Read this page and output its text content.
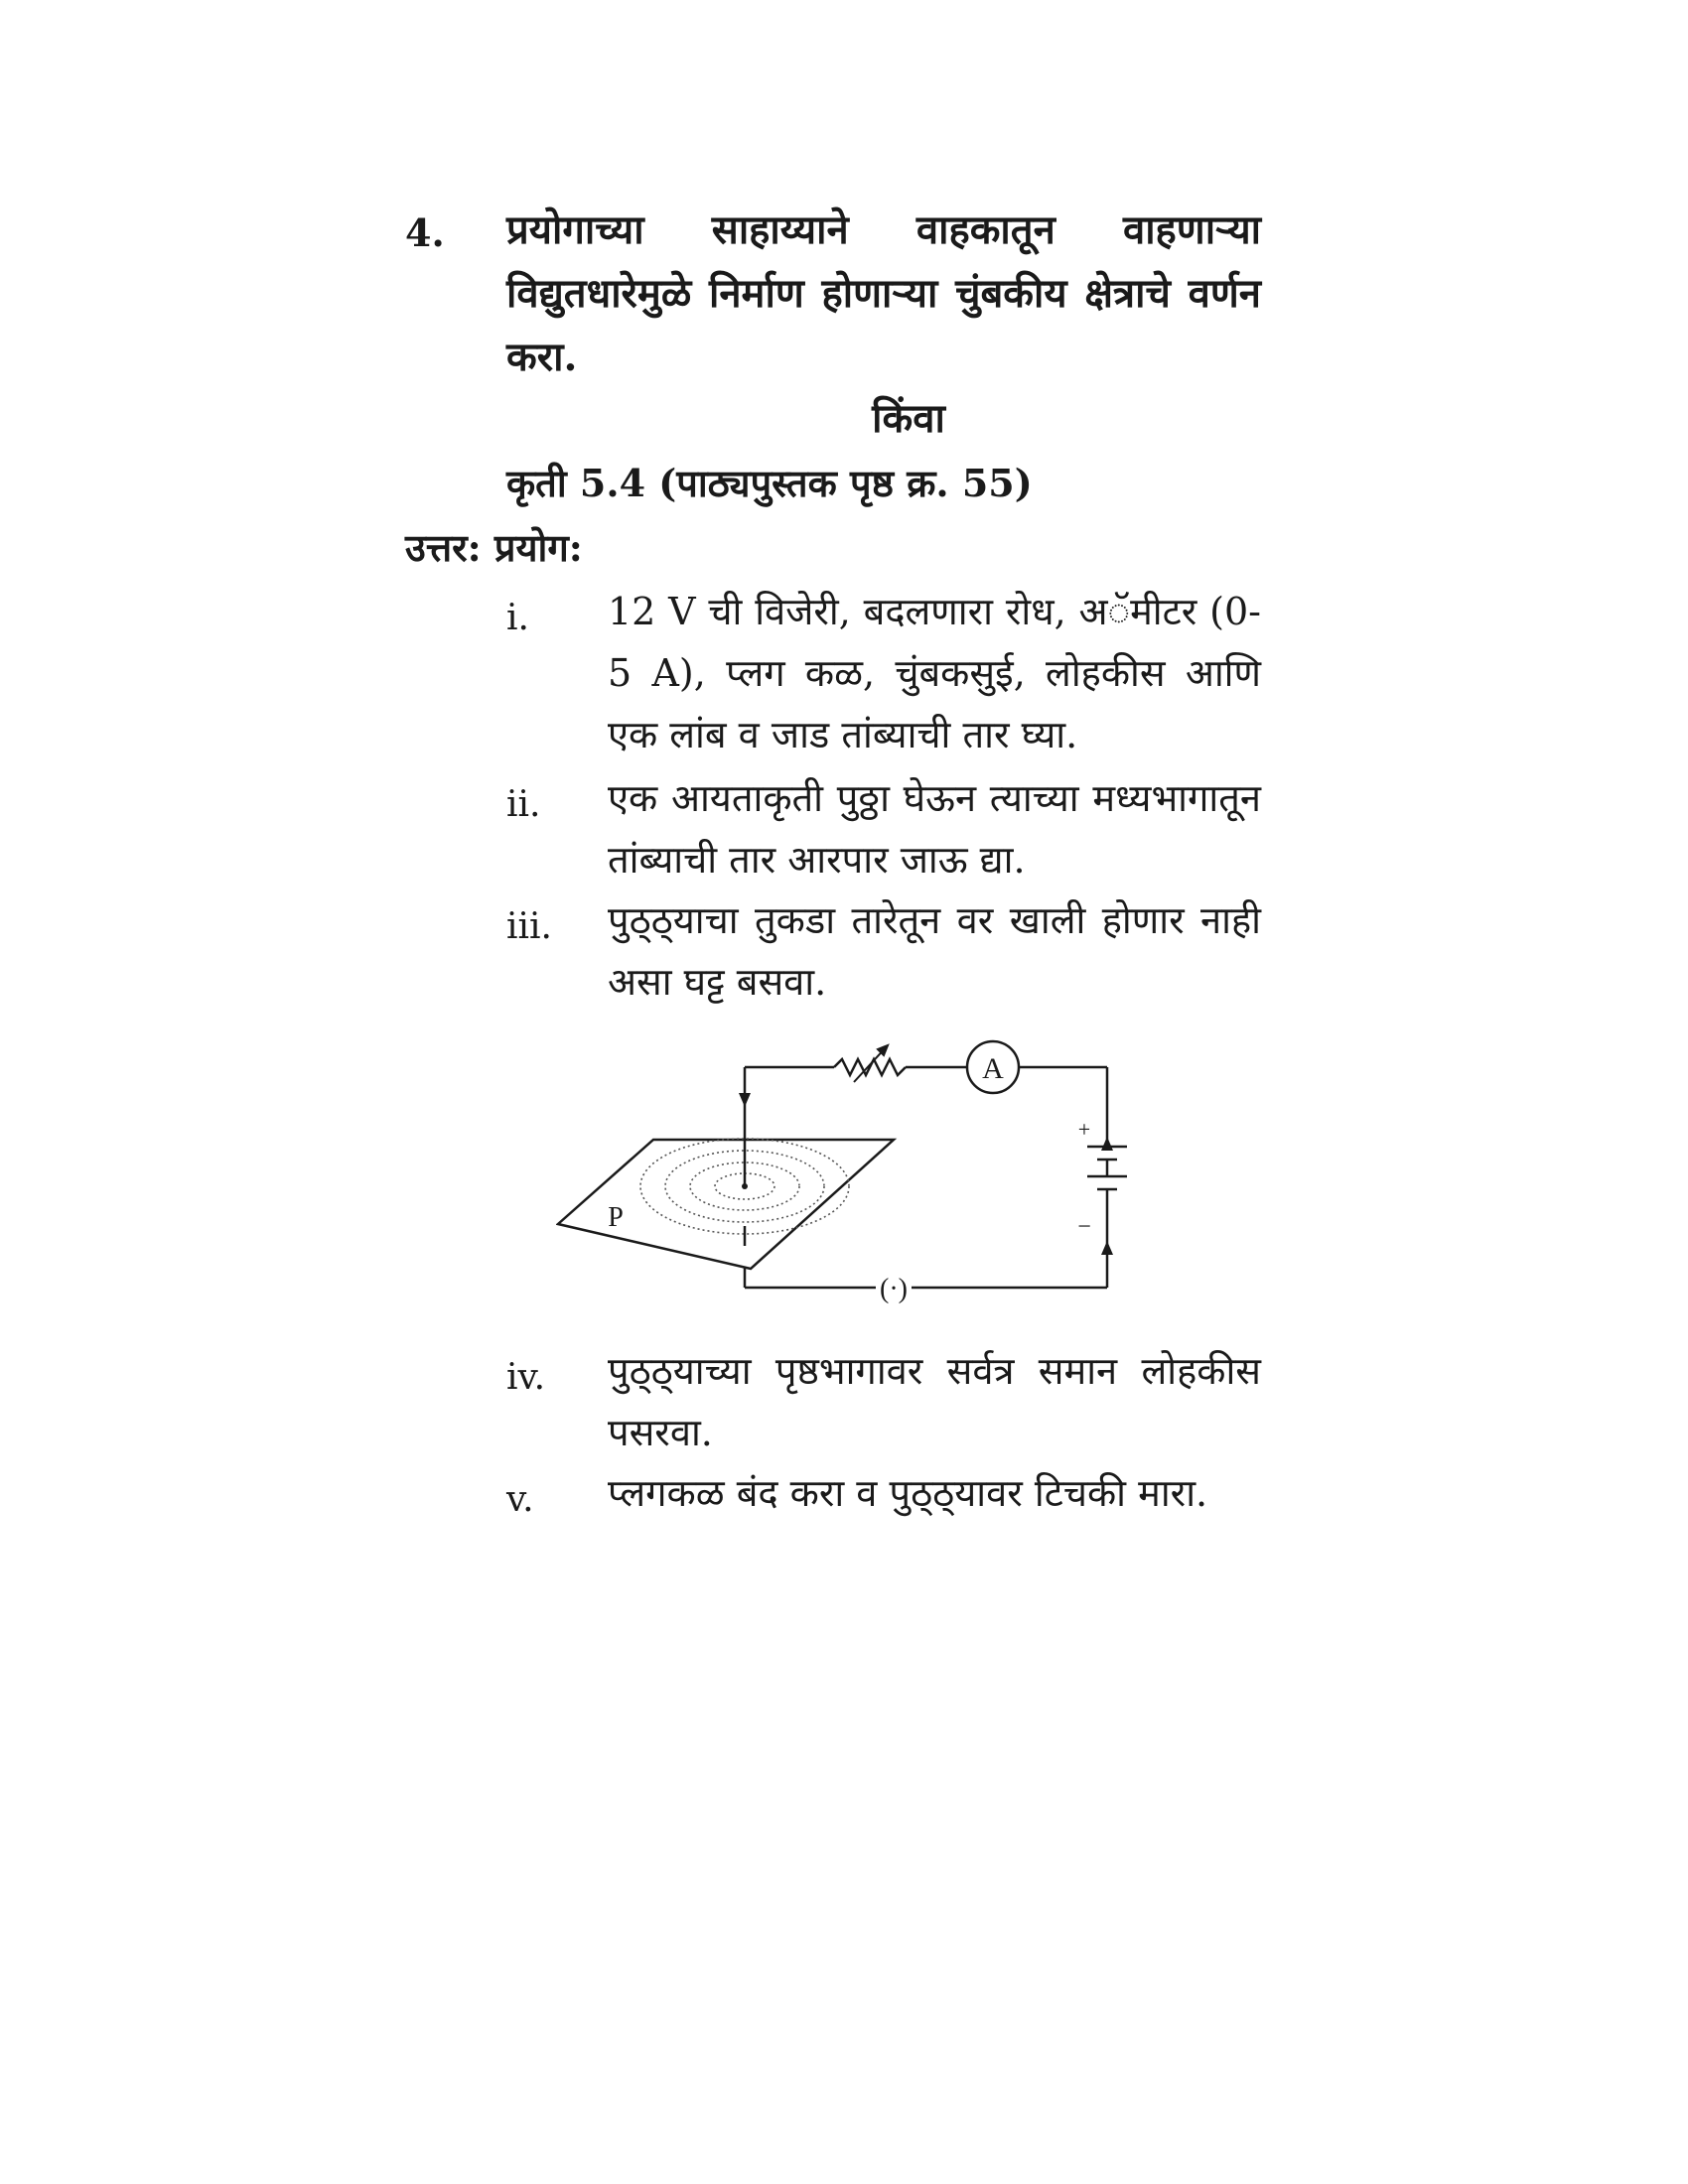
4. प्रयोगाच्या साहाय्याने वाहकातून वाहणाऱ्या विद्युतधारेमुळे निर्माण होणाऱ्या चुंबकीय क्षेत्राचे वर्णन करा.
किंवा
कृती 5.4 (पाठ्यपुस्तक पृष्ठ क्र. 55)
उत्तर: प्रयोग:
i. 12 V ची विजेरी, बदलणारा रोध, अॅमीटर (0-5 A), प्लग कळ, चुंबकसुई, लोहकीस आणि एक लांब व जाड तांब्याची तार घ्या.
ii. एक आयताकृती पुठ्ठा घेऊन त्याच्या मध्यभागातून तांब्याची तार आरपार जाऊ द्या.
iii. पुठ्ठ्याचा तुकडा तारेतून वर खाली होणार नाही असा घट्ट बसवा.
A
+
−
(·)
P
iv. पुठ्ठ्याच्या पृष्ठभागावर सर्वत्र समान लोहकीस पसरवा.
v. प्लगकळ बंद करा व पुठ्ठ्यावर टिचकी मारा.
